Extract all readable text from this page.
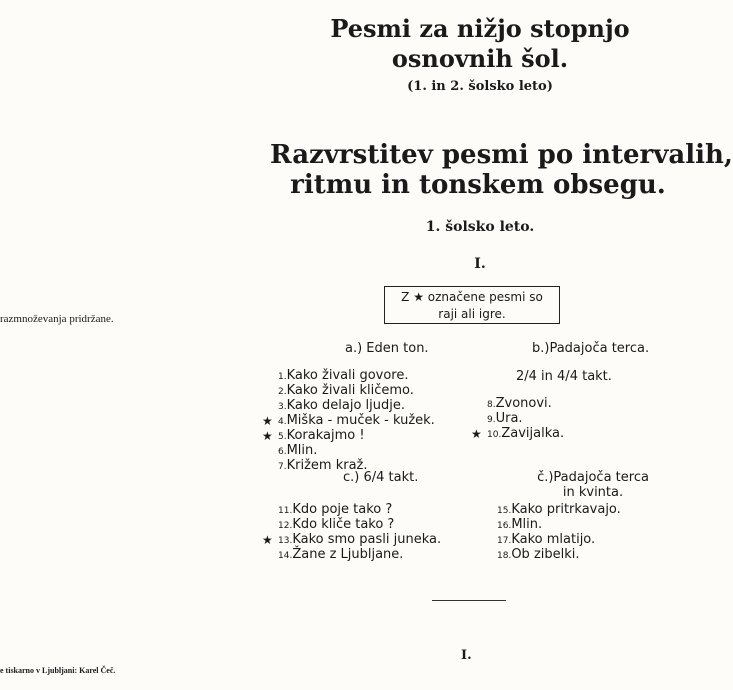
razmnoževanja pridržane.
e tiskarno v Ljubljani: Karel Čeč.
Pesmi za nižjo stopnjo
osnovnih šol.
(1. in 2. šolsko leto)
Razvrstitev pesmi po intervalih,
ritmu in tonskem obsegu.
1. šolsko leto.
I.
Z ★ označene pesmi so
raji ali igre.
a.) Eden ton.	b.)Padajoča terca.
2/4 in 4/4 takt.
1.Kako živali govore.
2.Kako živali kličemo.
3.Kako delajo ljudje.
★ 4.Miška - muček - kužek.
★ 5.Korakajmo !
6.Mlin.
7.Križem kraž.
8.Zvonovi.
9.Ura.
★ 10.Zavijalka.
c.) 6/4 takt.	č.)Padajoča terca
in kvinta.
11.Kdo poje tako ?
12.Kdo kliče tako ?
★ 13.Kako smo pasli juneka.
14.Žane z Ljubljane.
15.Kako pritrkavajo.
16.Mlin.
17.Kako mlatijo.
18.Ob zibelki.
I.
